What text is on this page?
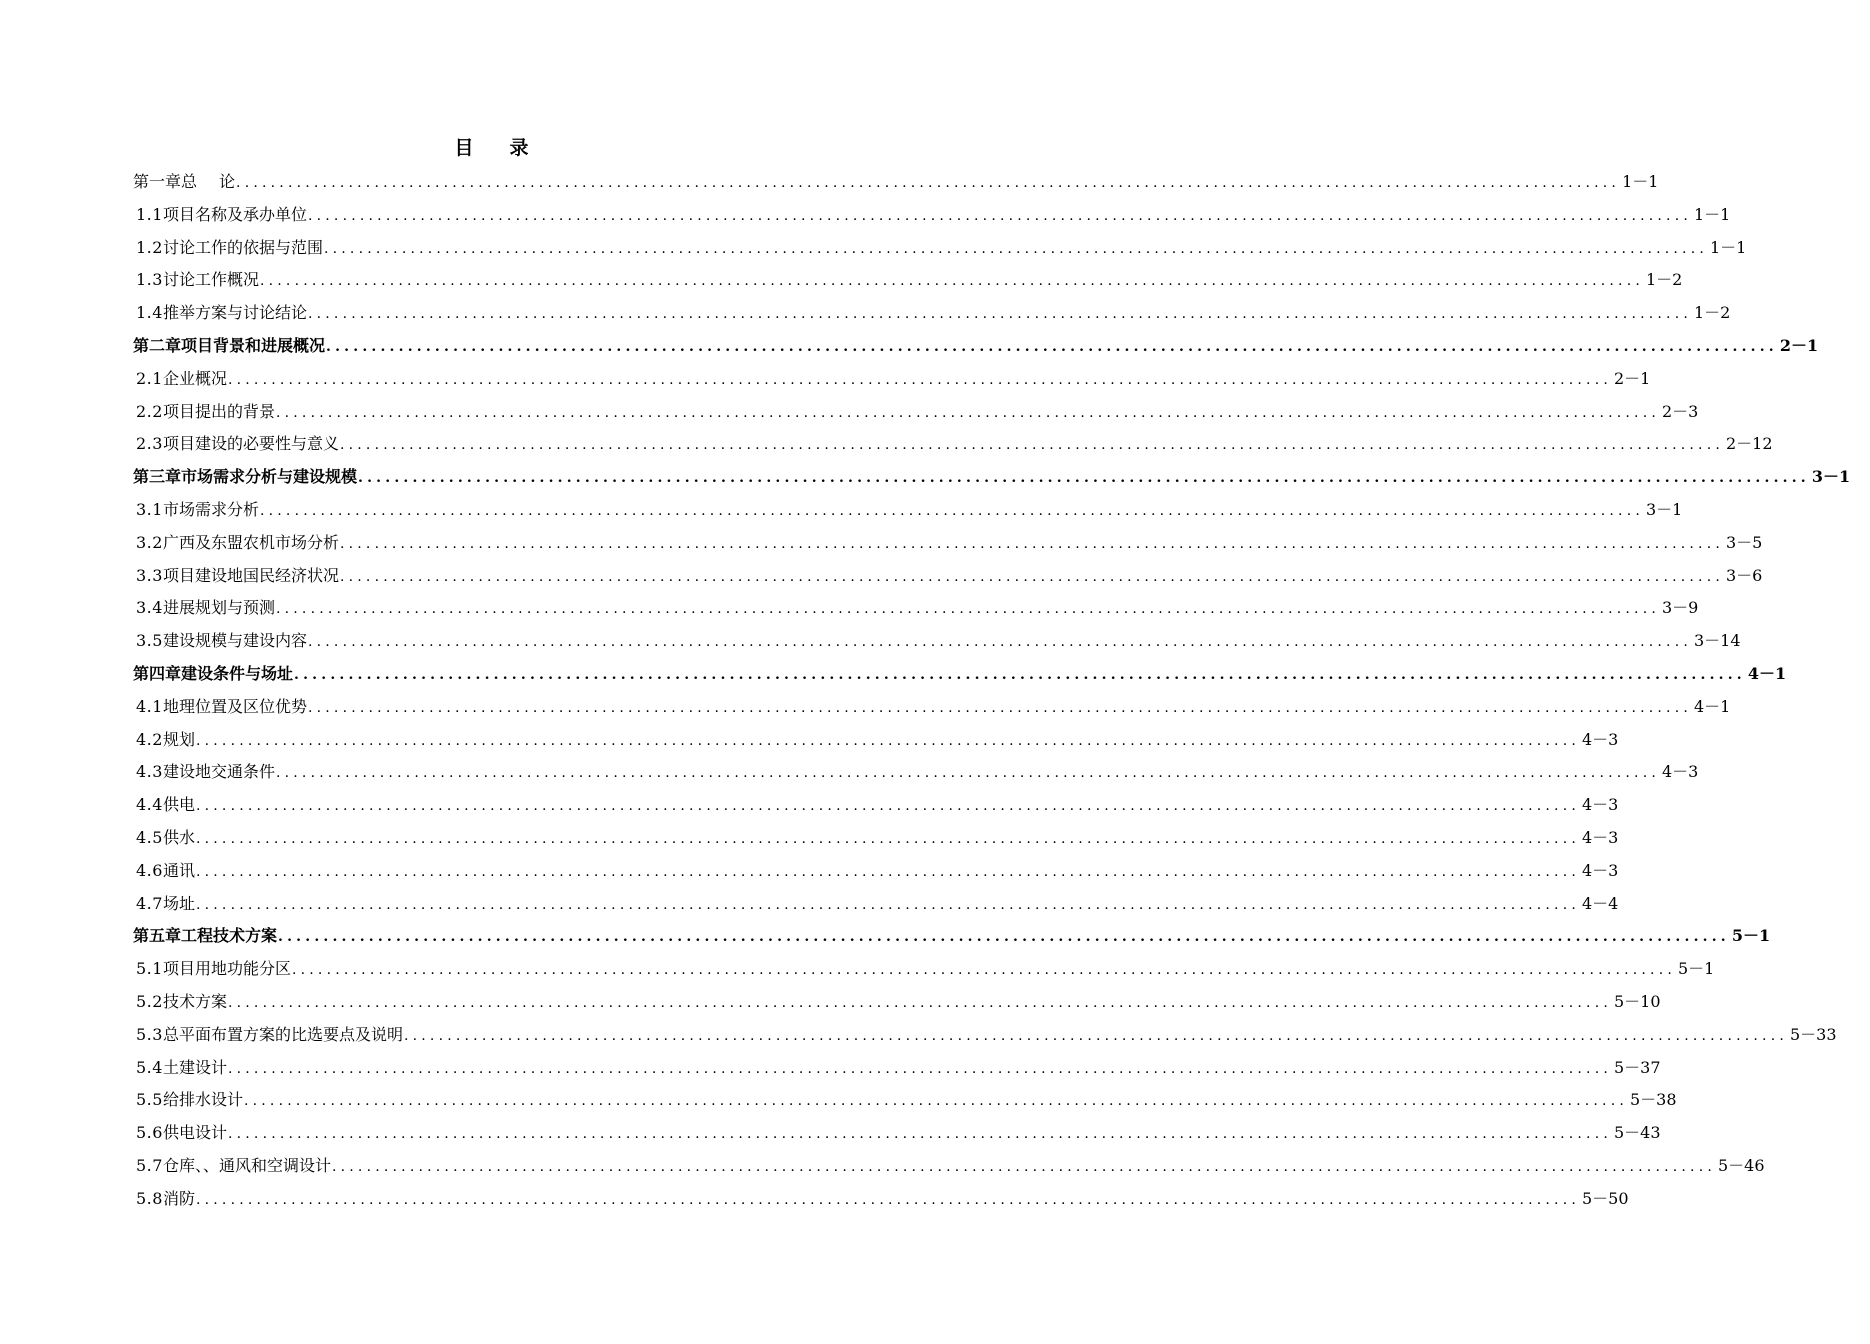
目 录
第一章 总 论 ................................................................................................................................................................ 1－1
1.1 项目名称及承办单位 ................................................................................................................................................................ 1－1
1.2 讨论工作的依据与范围 ................................................................................................................................................................ 1－1
1.3 讨论工作概况 ................................................................................................................................................................ 1－2
1.4 推举方案与讨论结论 ................................................................................................................................................................ 1－2
第二章 项目背景和进展概况 ................................................................................................................................................................ 2－1
2.1 企业概况 ................................................................................................................................................................ 2－1
2.2 项目提出的背景 ................................................................................................................................................................ 2－3
2.3 项目建设的必要性与意义 ................................................................................................................................................................ 2－12
第三章 市场需求分析与建设规模 ................................................................................................................................................................ 3－1
3.1 市场需求分析 ................................................................................................................................................................ 3－1
3.2 广西及东盟农机市场分析 ................................................................................................................................................................ 3－5
3.3 项目建设地国民经济状况 ................................................................................................................................................................ 3－6
3.4 进展规划与预测 ................................................................................................................................................................ 3－9
3.5 建设规模与建设内容 ................................................................................................................................................................ 3－14
第四章 建设条件与场址 ................................................................................................................................................................ 4－1
4.1 地理位置及区位优势 ................................................................................................................................................................ 4－1
4.2 规划 ................................................................................................................................................................ 4－3
4.3 建设地交通条件 ................................................................................................................................................................ 4－3
4.4 供电 ................................................................................................................................................................ 4－3
4.5 供水 ................................................................................................................................................................ 4－3
4.6 通讯 ................................................................................................................................................................ 4－3
4.7 场址 ................................................................................................................................................................ 4－4
第五章 工程技术方案 ................................................................................................................................................................ 5－1
5.1 项目用地功能分区 ................................................................................................................................................................ 5－1
5.2 技术方案 ................................................................................................................................................................ 5－10
5.3 总平面布置方案的比选要点及说明 ................................................................................................................................................................ 5－33
5.4 土建设计 ................................................................................................................................................................ 5－37
5.5 给排水设计 ................................................................................................................................................................ 5－38
5.6 供电设计 ................................................................................................................................................................ 5－43
5.7 仓库、、通风和空调设计 ................................................................................................................................................................ 5－46
5.8 消防 ................................................................................................................................................................ 5－50
